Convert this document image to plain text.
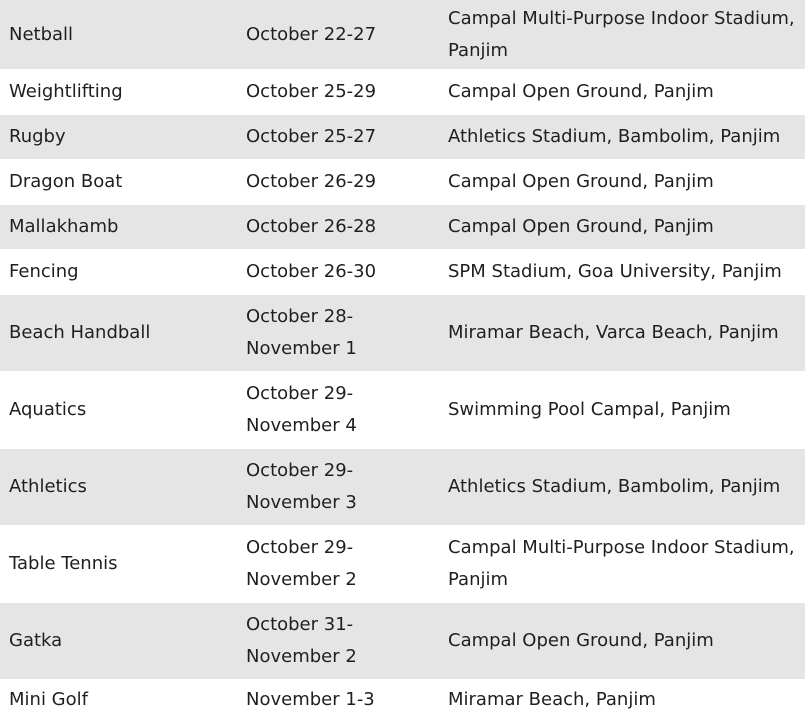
Netball	October 22-27	Campal Multi-Purpose Indoor Stadium, Panjim
Weightlifting	October 25-29	Campal Open Ground, Panjim
Rugby	October 25-27	Athletics Stadium, Bambolim, Panjim
Dragon Boat	October 26-29	Campal Open Ground, Panjim
Mallakhamb	October 26-28	Campal Open Ground, Panjim
Fencing	October 26-30	SPM Stadium, Goa University, Panjim
Beach Handball	October 28-November 1	Miramar Beach, Varca Beach, Panjim
Aquatics	October 29-November 4	Swimming Pool Campal, Panjim
Athletics	October 29-November 3	Athletics Stadium, Bambolim, Panjim
Table Tennis	October 29-November 2	Campal Multi-Purpose Indoor Stadium, Panjim
Gatka	October 31-November 2	Campal Open Ground, Panjim
Mini Golf	November 1-3	Miramar Beach, Panjim
